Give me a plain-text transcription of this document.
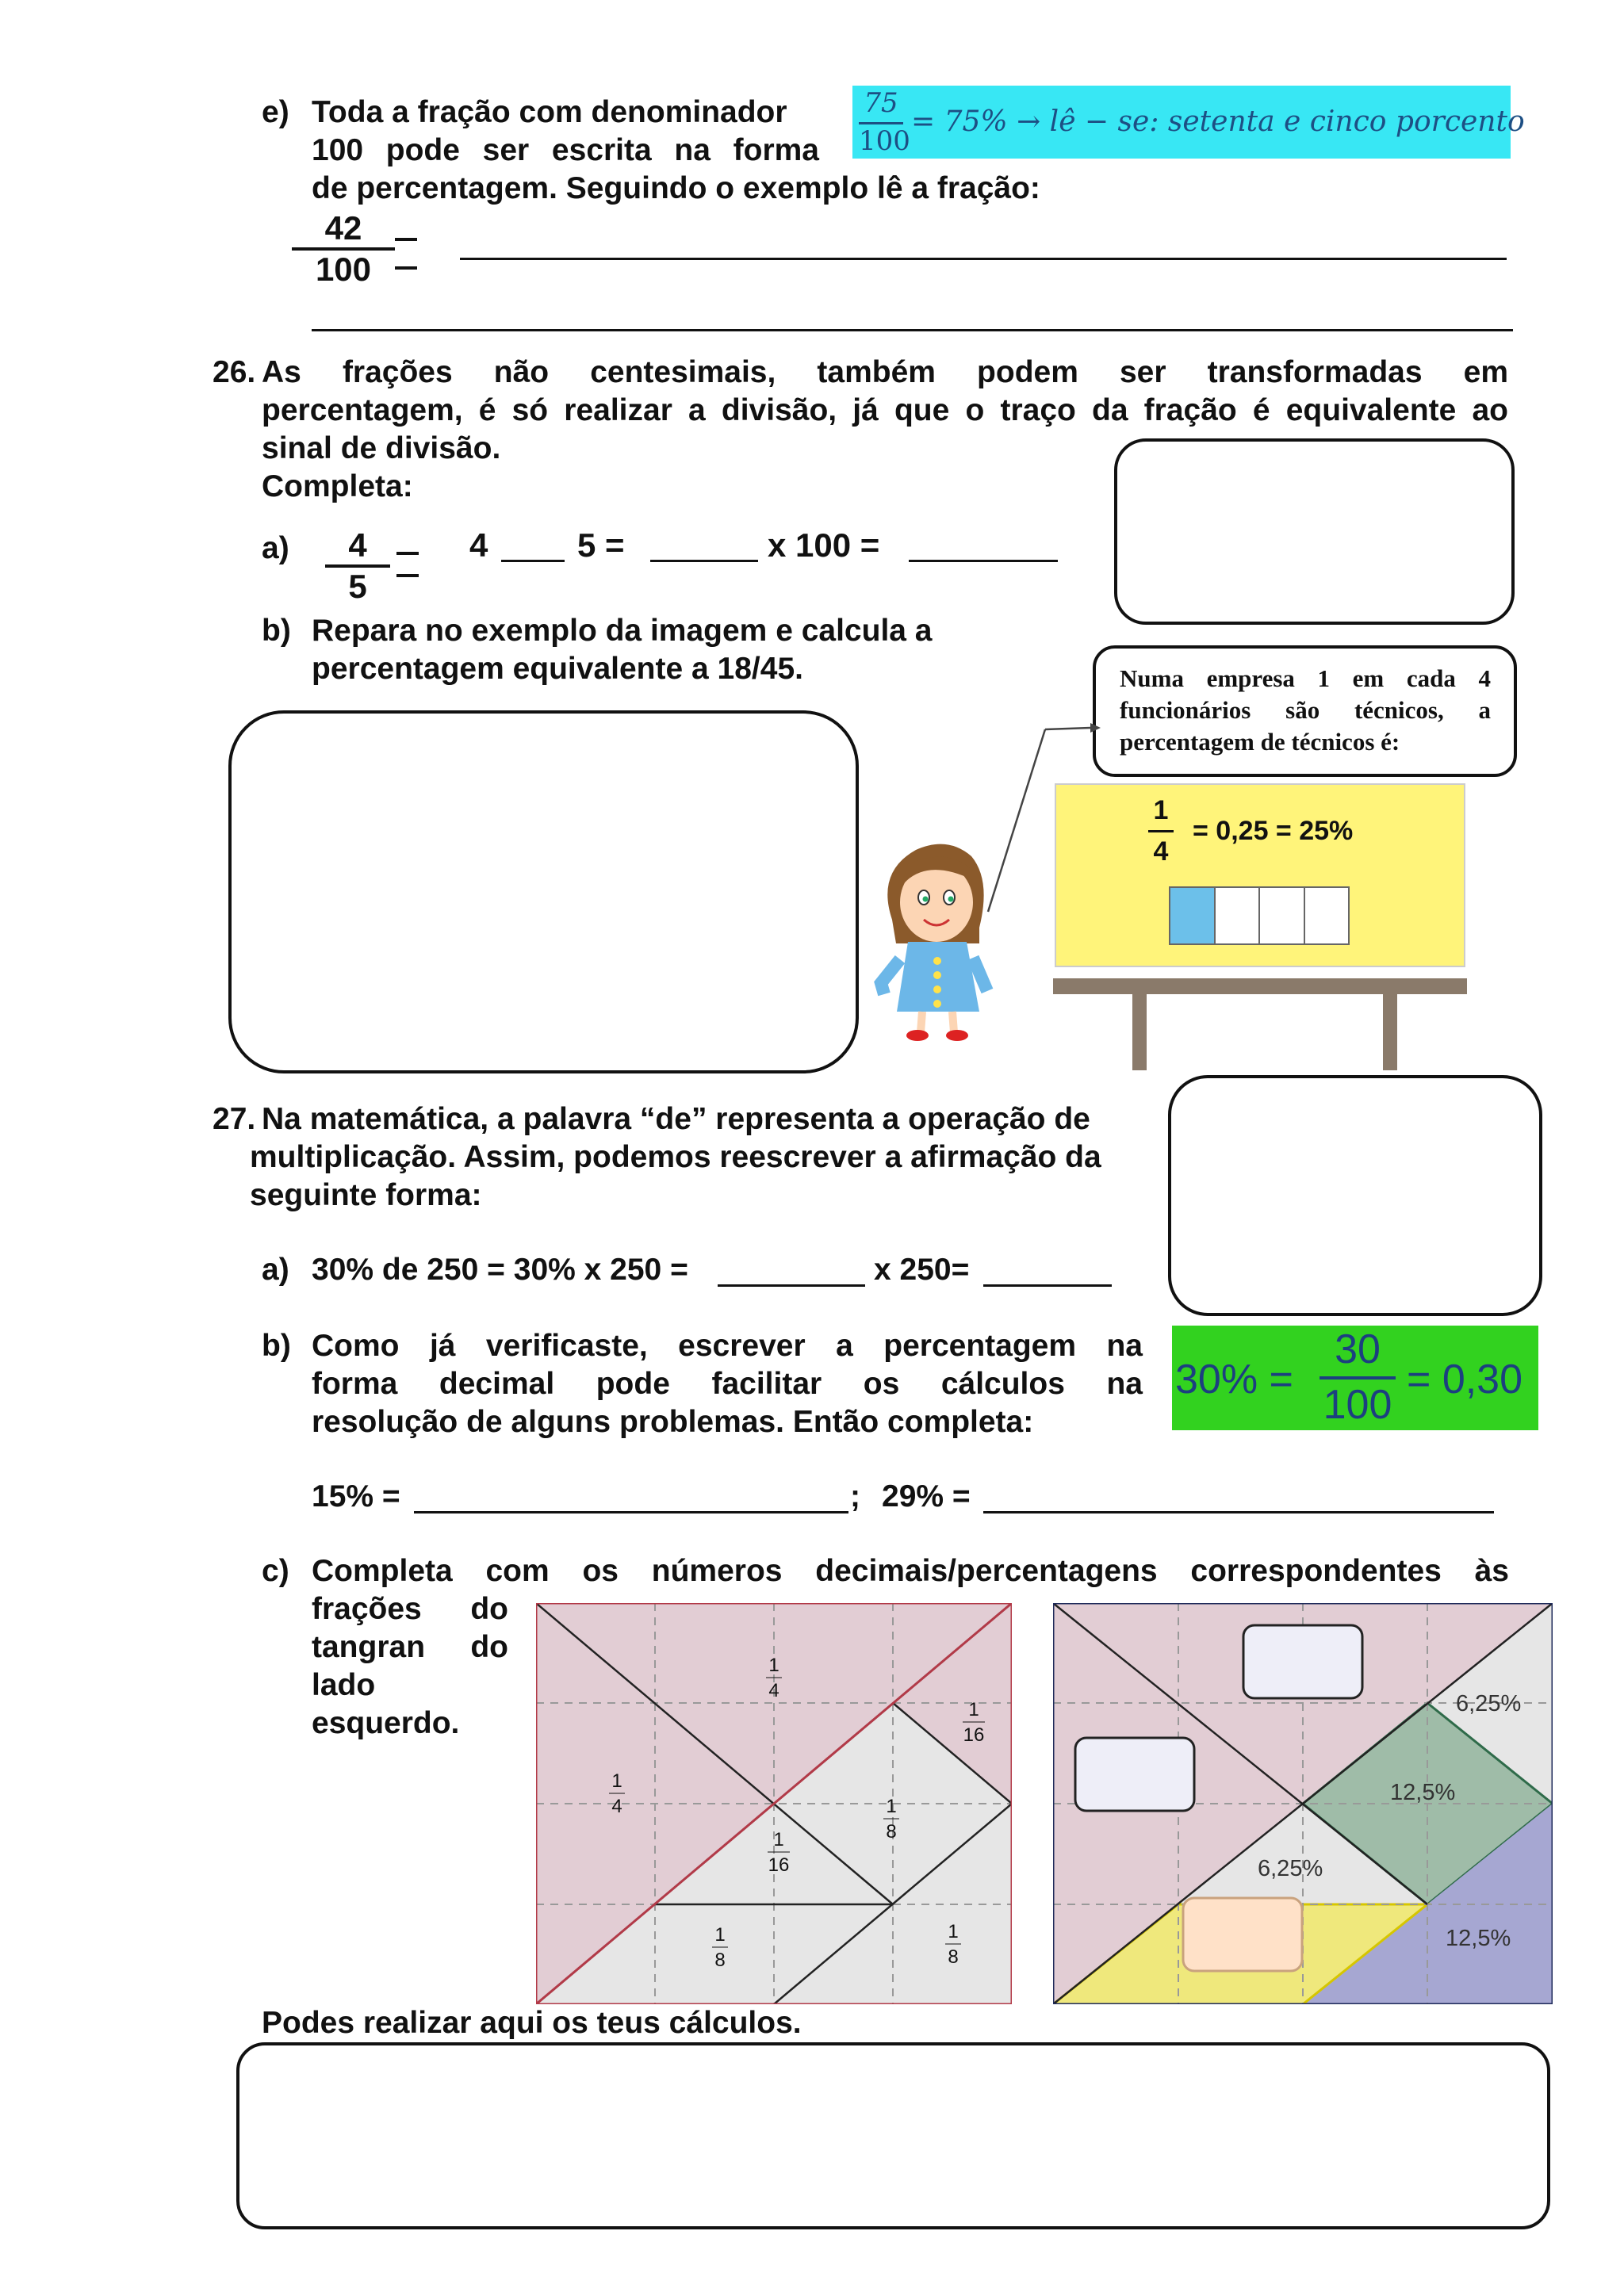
e) Toda a fração com denominador
100 pode ser escrita na forma
de percentagem. Seguindo o exemplo lê a fração:
75
100
= 75% → lê − se: setenta e cinco porcento
42
100
26. As frações não centesimais, também podem ser transformadas em
percentagem, é só realizar a divisão, já que o traço da fração é equivalente ao
sinal de divisão.
Completa:
a)	4
5
4	5 =	x 100 =
b) Repara no exemplo da imagem e calcula a
percentagem equivalente a 18/45.	Numa empresa 1 em cada 4 funcionários são técnicos, a percentagem de técnicos é:
1
4
= 0,25 = 25%
27. Na matemática, a palavra “de” representa a operação de
multiplicação. Assim, podemos reescrever a afirmação da
seguinte forma:
a) 30% de 250 = 30% x 250 =	x 250=
b) Como já verificaste, escrever a percentagem na
forma decimal pode facilitar os cálculos na
resolução de alguns problemas. Então completa:
30% =
30
100
= 0,30
15% =	; 29% =
c) Completa com os números decimais/percentagens correspondentes às
frações do
tangran do
lado
esquerdo.
1
4
1
16
1
4	1
8
1
16
1
8
1
8
6,25%
12,5%
6,25%
12,5%
Podes realizar aqui os teus cálculos.
